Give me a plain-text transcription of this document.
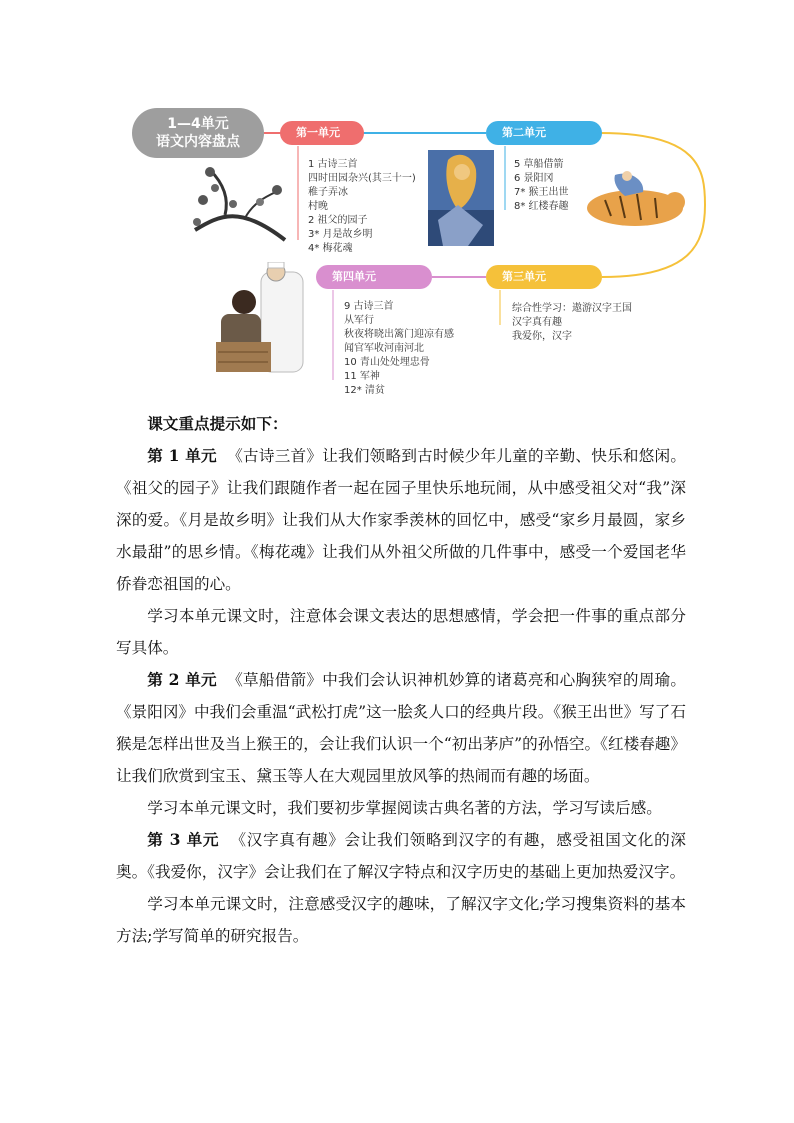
1—4单元
语文内容盘点
第一单元
1 古诗三首
四时田园杂兴(其三十一)
稚子弄冰
村晚
2 祖父的园子
3* 月是故乡明
4* 梅花魂
第二单元
5 草船借箭
6 景阳冈
7* 猴王出世
8* 红楼春趣
第三单元
综合性学习：遨游汉字王国
汉字真有趣
我爱你，汉字
第四单元
9 古诗三首
从军行
秋夜将晓出篱门迎凉有感
闻官军收河南河北
10 青山处处埋忠骨
11 军神
12* 清贫

课文重点提示如下：

第 1 单元 《古诗三首》让我们领略到古时候少年儿童的辛勤、快乐和悠闲。《祖父的园子》让我们跟随作者一起在园子里快乐地玩闹，从中感受祖父对“我”深深的爱。《月是故乡明》让我们从大作家季羡林的回忆中，感受“家乡月最圆，家乡水最甜”的思乡情。《梅花魂》让我们从外祖父所做的几件事中，感受一个爱国老华侨眷恋祖国的心。

学习本单元课文时，注意体会课文表达的思想感情，学会把一件事的重点部分写具体。

第 2 单元 《草船借箭》中我们会认识神机妙算的诸葛亮和心胸狭窄的周瑜。《景阳冈》中我们会重温“武松打虎”这一脍炙人口的经典片段。《猴王出世》写了石猴是怎样出世及当上猴王的，会让我们认识一个“初出茅庐”的孙悟空。《红楼春趣》让我们欣赏到宝玉、黛玉等人在大观园里放风筝的热闹而有趣的场面。

学习本单元课文时，我们要初步掌握阅读古典名著的方法，学习写读后感。

第 3 单元 《汉字真有趣》会让我们领略到汉字的有趣，感受祖国文化的深奥。《我爱你，汉字》会让我们在了解汉字特点和汉字历史的基础上更加热爱汉字。

学习本单元课文时，注意感受汉字的趣味，了解汉字文化;学习搜集资料的基本方法;学写简单的研究报告。
